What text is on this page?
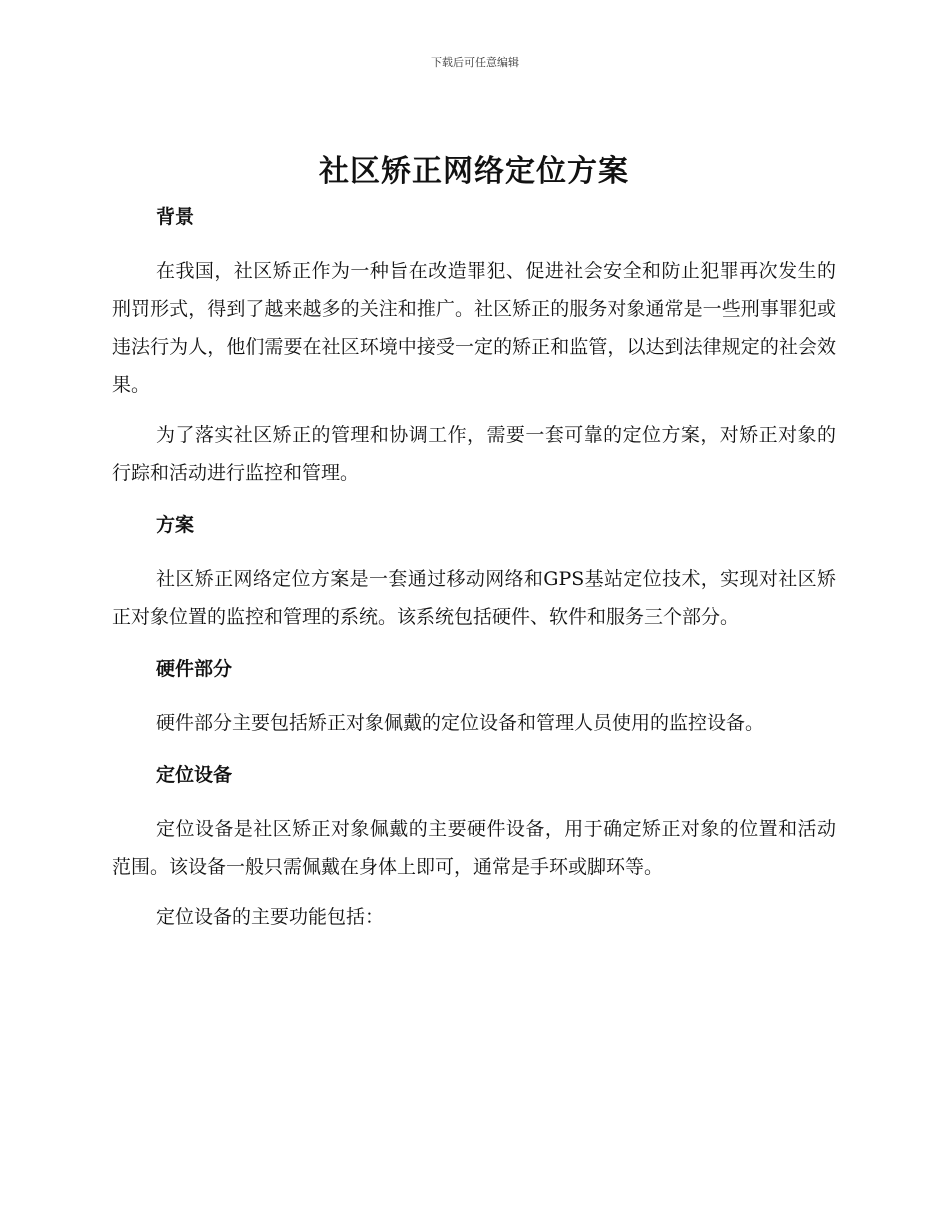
下载后可任意编辑
社区矫正网络定位方案
背景

在我国，社区矫正作为一种旨在改造罪犯、促进社会安全和防止犯罪再次发生的刑罚形式，得到了越来越多的关注和推广。社区矫正的服务对象通常是一些刑事罪犯或违法行为人，他们需要在社区环境中接受一定的矫正和监管，以达到法律规定的社会效果。

为了落实社区矫正的管理和协调工作，需要一套可靠的定位方案，对矫正对象的行踪和活动进行监控和管理。

方案

社区矫正网络定位方案是一套通过移动网络和GPS基站定位技术，实现对社区矫正对象位置的监控和管理的系统。该系统包括硬件、软件和服务三个部分。

硬件部分

硬件部分主要包括矫正对象佩戴的定位设备和管理人员使用的监控设备。

定位设备

定位设备是社区矫正对象佩戴的主要硬件设备，用于确定矫正对象的位置和活动范围。该设备一般只需佩戴在身体上即可，通常是手环或脚环等。

定位设备的主要功能包括：
